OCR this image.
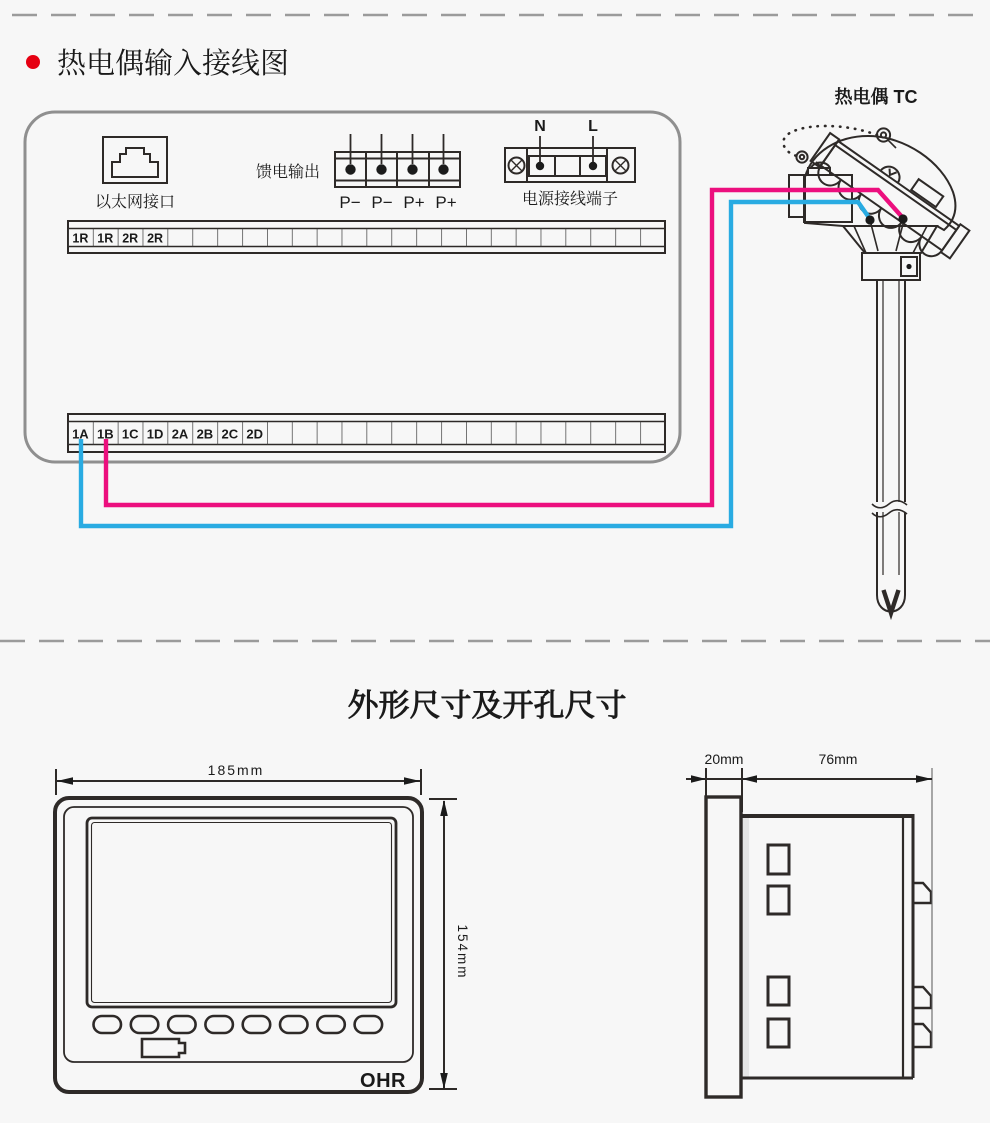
热电偶输入接线图
以太网接口
馈电输出
P− P− P+ P+
N	L
电源接线端子
1R 1R 2R 2R
1A 1B 1C 1D 2A 2B 2C 2D
热电偶 TC
外形尺寸及开孔尺寸
OHR
185mm
154mm
20mm	76mm
